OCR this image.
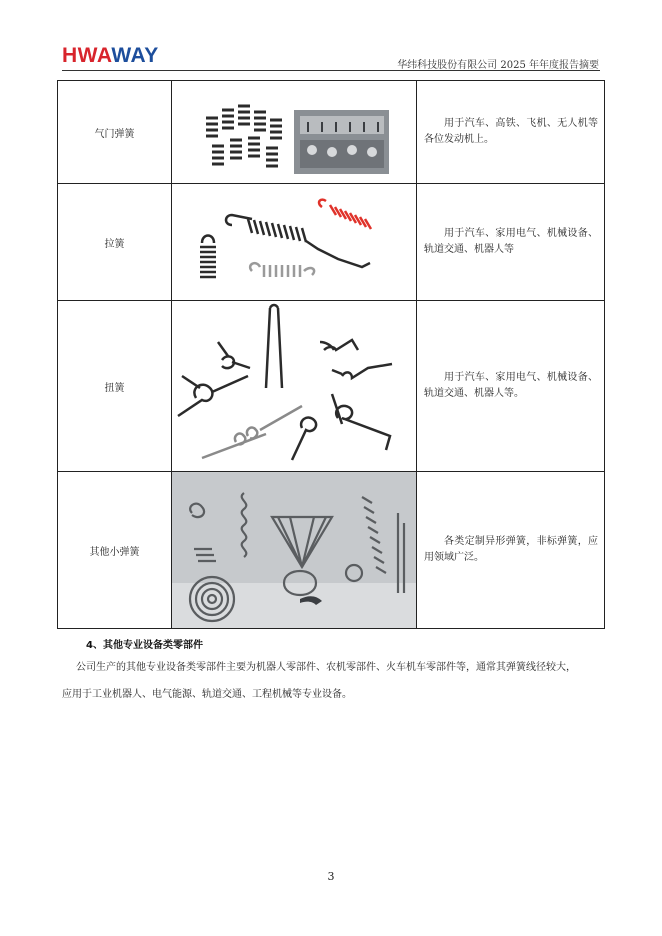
HWAWAY	华纬科技股份有限公司 2025 年年度报告摘要
气门弹簧		用于汽车、高铁、飞机、无人机等各位发动机上。

拉簧		用于汽车、家用电气、机械设备、轨道交通、机器人等

扭簧		用于汽车、家用电气、机械设备、轨道交通、机器人等。

其他小弹簧		各类定制异形弹簧，非标弹簧，应用领域广泛。
4、其他专业设备类零部件
公司生产的其他专业设备类零部件主要为机器人零部件、农机零部件、火车机车零部件等，通常其弹簧线径较大，
应用于工业机器人、电气能源、轨道交通、工程机械等专业设备。
3
